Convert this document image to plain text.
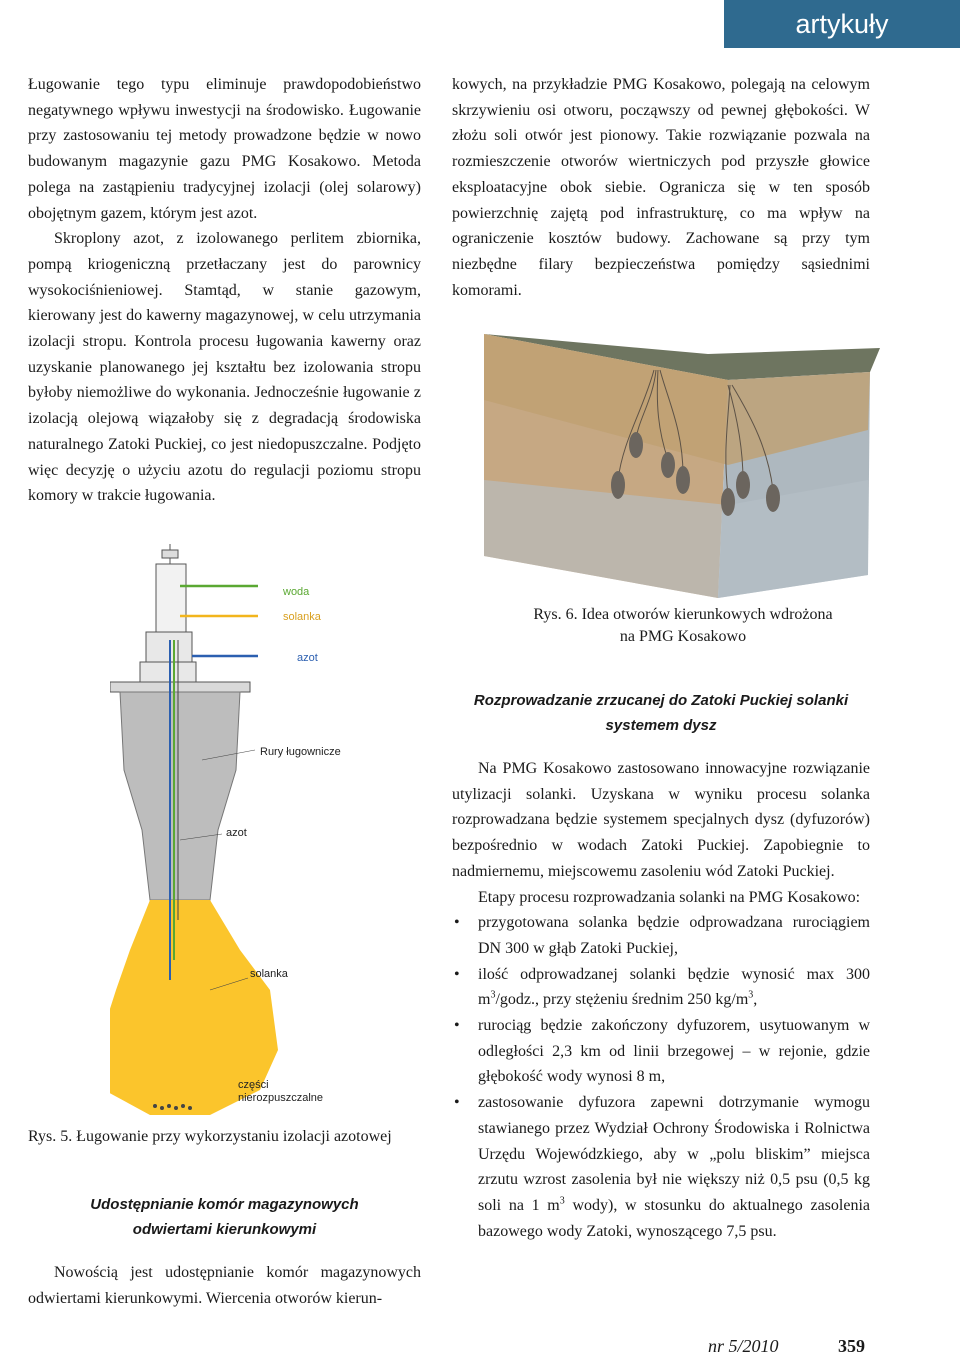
artykuły

Ługowanie tego typu eliminuje prawdopodobieństwo negatywnego wpływu inwestycji na środowisko. Ługowanie przy zastosowaniu tej metody prowadzone będzie w nowo budowanym magazynie gazu PMG Kosakowo. Metoda polega na zastąpieniu tradycyjnej izolacji (olej solarowy) obojętnym gazem, którym jest azot.

Skroplony azot, z izolowanego perlitem zbiornika, pompą kriogeniczną przetłaczany jest do parownicy wysokociśnieniowej. Stamtąd, w stanie gazowym, kierowany jest do kawerny magazynowej, w celu utrzymania izolacji stropu. Kontrola procesu ługowania kawerny oraz uzyskanie planowanego jej kształtu bez izolowania stropu byłoby niemożliwe do wykonania. Jednocześnie ługowanie z izolacją olejową wiązałoby się z degradacją środowiska naturalnego Zatoki Puckiej, co jest niedopuszczalne. Podjęto więc decyzję o użyciu azotu do regulacji poziomu stropu komory w trakcie ługowania.

kowych, na przykładzie PMG Kosakowo, polegają na celowym skrzywieniu osi otworu, począwszy od pewnej głębokości. W złożu soli otwór jest pionowy. Takie rozwiązanie pozwala na rozmieszczenie otworów wiertniczych pod przyszłe głowice eksploatacyjne obok siebie. Ogranicza się w ten sposób powierzchnię zajętą pod infrastrukturę, co ma wpływ na ograniczenie kosztów budowy. Zachowane są przy tym niezbędne filary bezpieczeństwa pomiędzy sąsiednimi komorami.

Rys. 6. Idea otworów kierunkowych wdrożona
na PMG Kosakowo
woda
solanka
azot
Rury ługownicze
azot
solanka
części
nierozpuszczalne
Rys. 5. Ługowanie przy wykorzystaniu izolacji azotowej
Rozprowadzanie zrzucanej do Zatoki Puckiej solanki
systemem dysz

Na PMG Kosakowo zastosowano innowacyjne rozwiązanie utylizacji solanki. Uzyskana w wyniku procesu solanka rozprowadzana będzie systemem specjalnych dysz (dyfuzorów) bezpośrednio w wodach Zatoki Puckiej. Zapobiegnie to nadmiernemu, miejscowemu zasoleniu wód Zatoki Puckiej.

Etapy procesu rozprowadzania solanki na PMG Kosakowo:

• przygotowana solanka będzie odprowadzana rurociągiem DN 300 w głąb Zatoki Puckiej,
• ilość odprowadzanej solanki będzie wynosić max 300 $m^3$/godz., przy stężeniu średnim 250 $kg/m^3$,
• rurociąg będzie zakończony dyfuzorem, usytuowanym w odległości 2,3 km od linii brzegowej – w rejonie, gdzie głębokość wody wynosi 8 m,
• zastosowanie dyfuzora zapewni dotrzymanie wymogu stawianego przez Wydział Ochrony Środowiska i Rolnictwa Urzędu Wojewódzkiego, aby w „polu bliskim” miejsca zrzutu wzrost zasolenia był nie większy niż 0,5 psu (0,5 kg soli na 1 $m^3$ wody), w stosunku do aktualnego zasolenia bazowego wody Zatoki, wynoszącego 7,5 psu.
Udostępnianie komór magazynowych
odwiertami kierunkowymi

Nowością jest udostępnianie komór magazynowych odwiertami kierunkowymi. Wiercenia otworów kierun-

nr 5/2010	359
